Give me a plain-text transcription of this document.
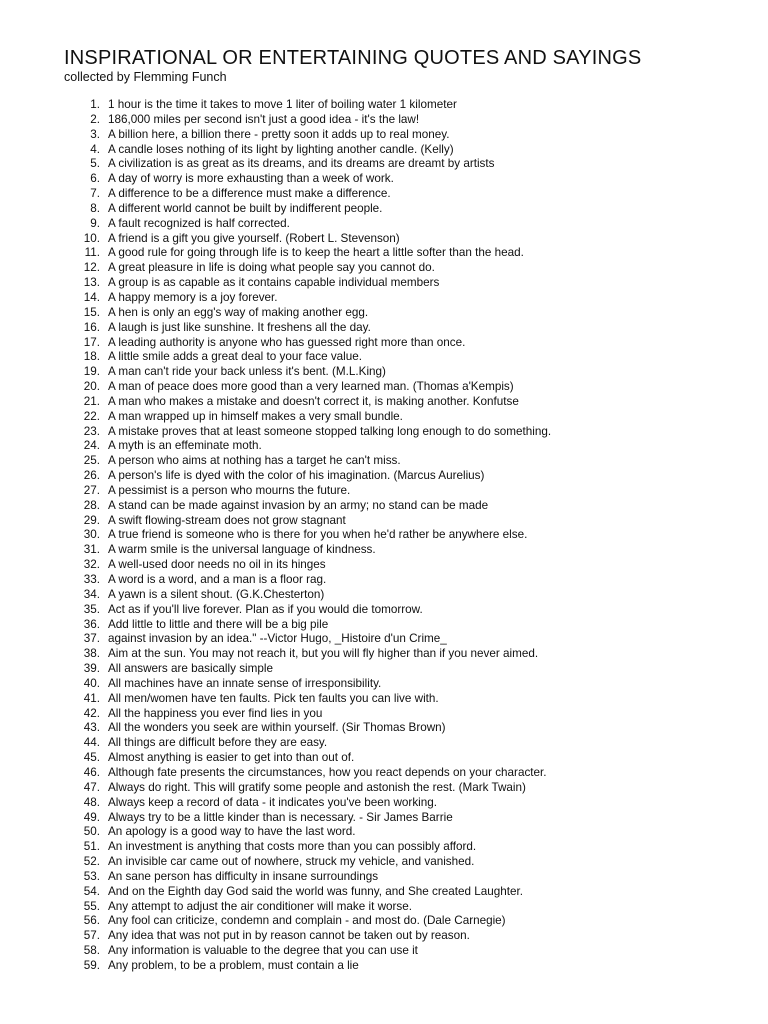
INSPIRATIONAL OR ENTERTAINING QUOTES AND SAYINGS
collected by Flemming Funch
1. 1 hour is the time it takes to move 1 liter of boiling water 1 kilometer
2. 186,000 miles per second isn't just a good idea - it's the law!
3. A billion here, a billion there - pretty soon it adds up to real money.
4. A candle loses nothing of its light by lighting another candle. (Kelly)
5. A civilization is as great as its dreams, and its dreams are dreamt by artists
6. A day of worry is more exhausting than a week of work.
7. A difference to be a difference must make a difference.
8. A different world cannot be built by indifferent people.
9. A fault recognized is half corrected.
10. A friend is a gift you give yourself. (Robert L. Stevenson)
11. A good rule for going through life is to keep the heart a little softer than the head.
12. A great pleasure in life is doing what people say you cannot do.
13. A group is as capable as it contains capable individual members
14. A happy memory is a joy forever.
15. A hen is only an egg's way of making another egg.
16. A laugh is just like sunshine. It freshens all the day.
17. A leading authority is anyone who has guessed right more than once.
18. A little smile adds a great deal to your face value.
19. A man can't ride your back unless it's bent. (M.L.King)
20. A man of peace does more good than a very learned man. (Thomas a'Kempis)
21. A man who makes a mistake and doesn't correct it, is making another. Konfutse
22. A man wrapped up in himself makes a very small bundle.
23. A mistake proves that at least someone stopped talking long enough to do something.
24. A myth is an effeminate moth.
25. A person who aims at nothing has a target he can't miss.
26. A person's life is dyed with the color of his imagination. (Marcus Aurelius)
27. A pessimist is a person who mourns the future.
28. A stand can be made against invasion by an army; no stand can be made
29. A swift flowing-stream does not grow stagnant
30. A true friend is someone who is there for you when he'd rather be anywhere else.
31. A warm smile is the universal language of kindness.
32. A well-used door needs no oil in its hinges
33. A word is a word, and a man is a floor rag.
34. A yawn is a silent shout. (G.K.Chesterton)
35. Act as if you'll live forever. Plan as if you would die tomorrow.
36. Add little to little and there will be a big pile
37. against invasion by an idea." --Victor Hugo, _Histoire d'un Crime_
38. Aim at the sun. You may not reach it, but you will fly higher than if you never aimed.
39. All answers are basically simple
40. All machines have an innate sense of irresponsibility.
41. All men/women have ten faults. Pick ten faults you can live with.
42. All the happiness you ever find lies in you
43. All the wonders you seek are within yourself. (Sir Thomas Brown)
44. All things are difficult before they are easy.
45. Almost anything is easier to get into than out of.
46. Although fate presents the circumstances, how you react depends on your character.
47. Always do right. This will gratify some people and astonish the rest. (Mark Twain)
48. Always keep a record of data - it indicates you've been working.
49. Always try to be a little kinder than is necessary. - Sir James Barrie
50. An apology is a good way to have the last word.
51. An investment is anything that costs more than you can possibly afford.
52. An invisible car came out of nowhere, struck my vehicle, and vanished.
53. An sane person has difficulty in insane surroundings
54. And on the Eighth day God said the world was funny, and She created Laughter.
55. Any attempt to adjust the air conditioner will make it worse.
56. Any fool can criticize, condemn and complain - and most do. (Dale Carnegie)
57. Any idea that was not put in by reason cannot be taken out by reason.
58. Any information is valuable to the degree that you can use it
59. Any problem, to be a problem, must contain a lie
